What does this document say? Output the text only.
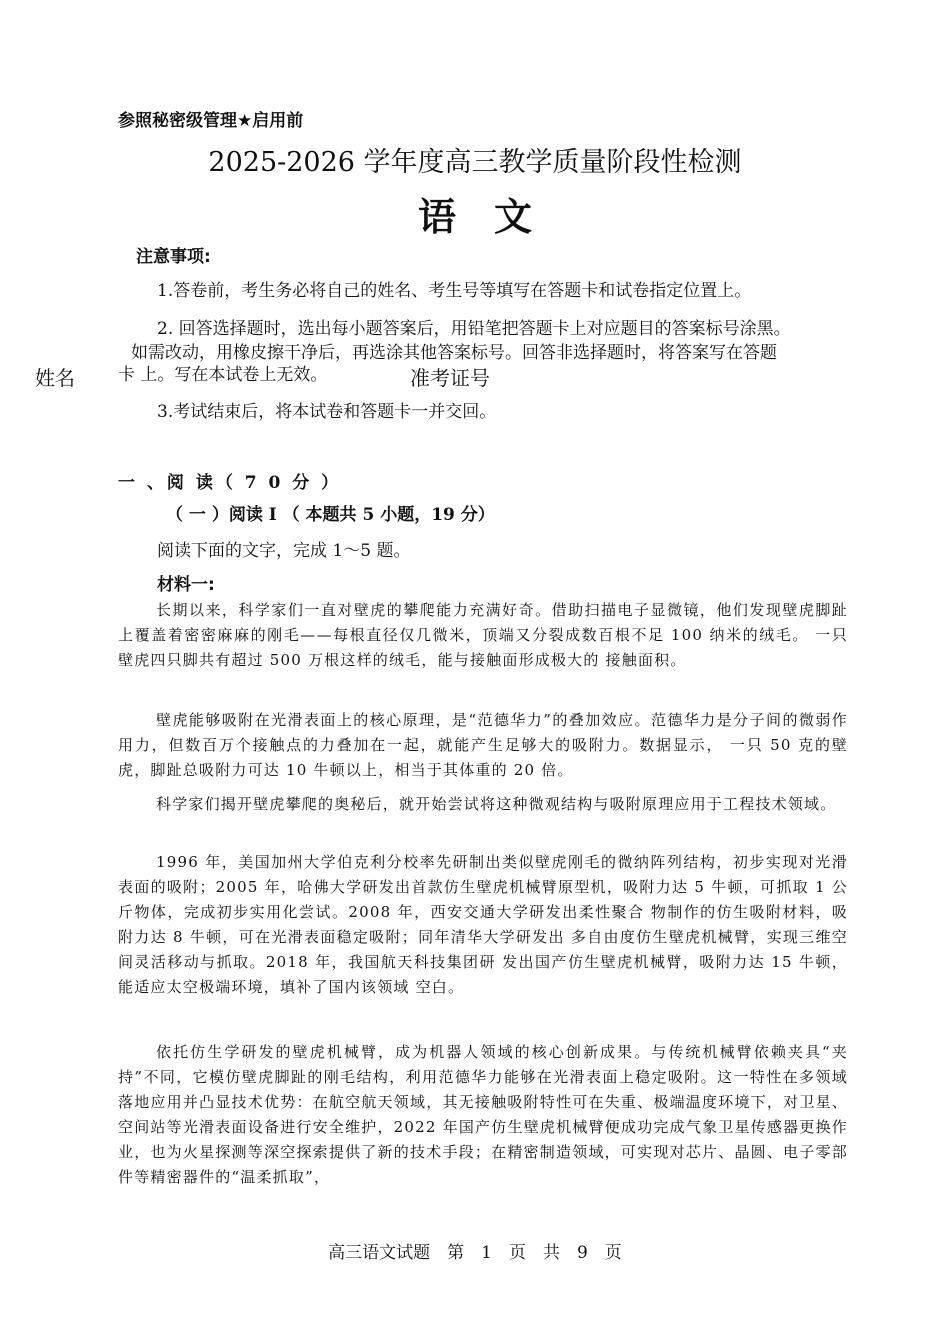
参照秘密级管理★启用前
2025-2026 学年度高三教学质量阶段性检测
语文
注意事项:
1.答卷前，考生务必将自己的姓名、考生号等填写在答题卡和试卷指定位置上。
2. 回答选择题时，选出每小题答案后，用铅笔把答题卡上对应题目的答案标号涂黑。
如需改动，用橡皮擦干净后，再选涂其他答案标号。回答非选择题时，将答案写在答题
卡 上。写在本试卷上无效。
姓名	准考证号
3.考试结束后，将本试卷和答题卡一并交回。
一 、阅 读（ 7 0 分 ）
（ 一 ）阅读 I （ 本题共 5 小题，19 分）
阅读下面的文字，完成 1～5 题。
材料一:

长期以来，科学家们一直对壁虎的攀爬能力充满好奇。借助扫描电子显微镜，他们发现壁虎脚趾上覆盖着密密麻麻的刚毛——每根直径仅几微米，顶端又分裂成数百根不足 100 纳米的绒毛。 一只壁虎四只脚共有超过 500 万根这样的绒毛，能与接触面形成极大的 接触面积。

壁虎能够吸附在光滑表面上的核心原理，是“范德华力”的叠加效应。范德华力是分子间的微弱作用力，但数百万个接触点的力叠加在一起，就能产生足够大的吸附力。数据显示， 一只 50 克的壁虎，脚趾总吸附力可达 10 牛顿以上，相当于其体重的 20 倍。

科学家们揭开壁虎攀爬的奥秘后，就开始尝试将这种微观结构与吸附原理应用于工程技术领域。

1996 年，美国加州大学伯克利分校率先研制出类似壁虎刚毛的微纳阵列结构，初步实现对光滑表面的吸附；2005 年，哈佛大学研发出首款仿生壁虎机械臂原型机，吸附力达 5 牛顿，可抓取 1 公斤物体，完成初步实用化尝试。2008 年，西安交通大学研发出柔性聚合 物制作的仿生吸附材料，吸附力达 8 牛顿，可在光滑表面稳定吸附；同年清华大学研发出 多自由度仿生壁虎机械臂，实现三维空间灵活移动与抓取。2018 年，我国航天科技集团研 发出国产仿生壁虎机械臂，吸附力达 15 牛顿，能适应太空极端环境，填补了国内该领域 空白。

依托仿生学研发的壁虎机械臂，成为机器人领域的核心创新成果。与传统机械臂依赖夹具“夹持”不同，它模仿壁虎脚趾的刚毛结构，利用范德华力能够在光滑表面上稳定吸附。这一特性在多领域落地应用并凸显技术优势：在航空航天领域，其无接触吸附特性可在失重、极端温度环境下，对卫星、空间站等光滑表面设备进行安全维护，2022 年国产仿生壁虎机械臂便成功完成气象卫星传感器更换作业，也为火星探测等深空探索提供了新的技术手段；在精密制造领域，可实现对芯片、晶圆、电子零部件等精密器件的“温柔抓取”，

高三语文试题　第　1　页　共　9　页
